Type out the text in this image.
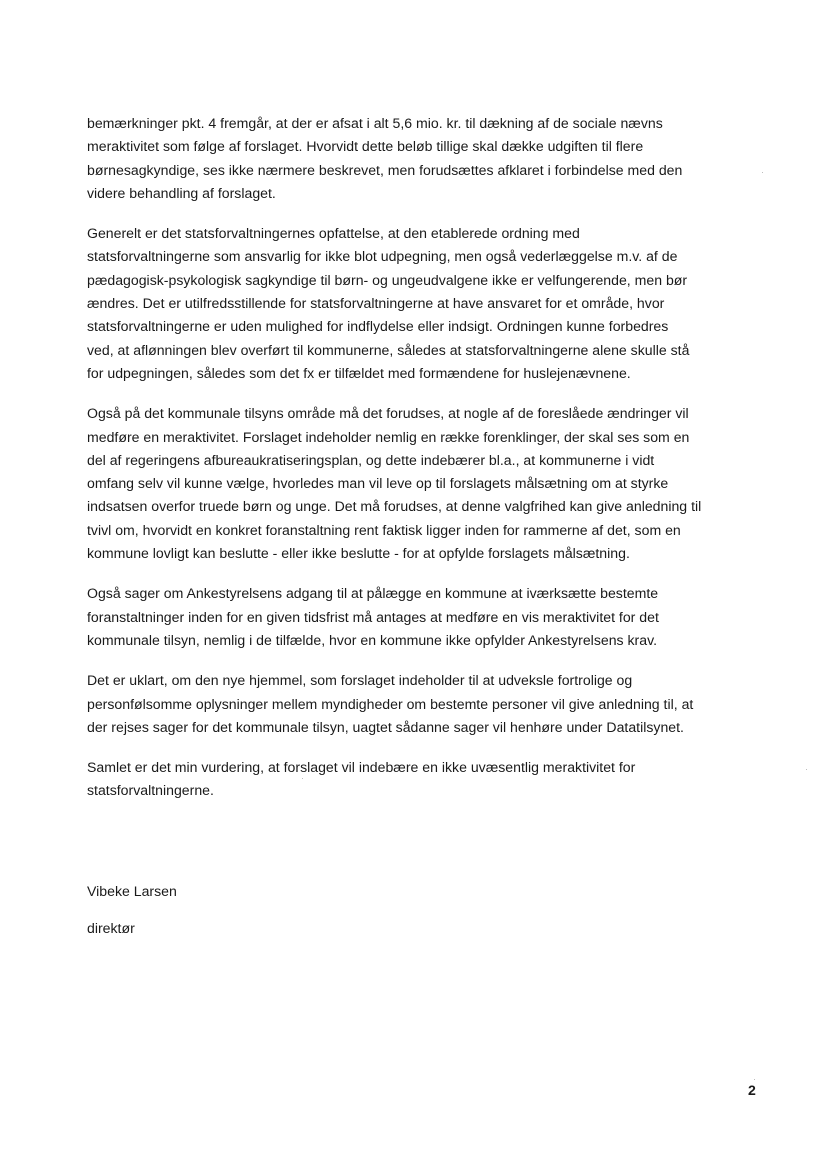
bemærkninger pkt. 4 fremgår, at der er afsat i alt 5,6 mio. kr. til dækning af de sociale nævns
meraktivitet som følge af forslaget. Hvorvidt dette beløb tillige skal dække udgiften til flere
børnesagkyndige, ses ikke nærmere beskrevet, men forudsættes afklaret i forbindelse med den
videre behandling af forslaget.

Generelt er det statsforvaltningernes opfattelse, at den etablerede ordning med
statsforvaltningerne som ansvarlig for ikke blot udpegning, men også vederlæggelse m.v. af de
pædagogisk-psykologisk sagkyndige til børn- og ungeudvalgene ikke er velfungerende, men bør
ændres. Det er utilfredsstillende for statsforvaltningerne at have ansvaret for et område, hvor
statsforvaltningerne er uden mulighed for indflydelse eller indsigt. Ordningen kunne forbedres
ved, at aflønningen blev overført til kommunerne, således at statsforvaltningerne alene skulle stå
for udpegningen, således som det fx er tilfældet med formændene for huslejenævnene.

Også på det kommunale tilsyns område må det forudses, at nogle af de foreslåede ændringer vil
medføre en meraktivitet. Forslaget indeholder nemlig en række forenklinger, der skal ses som en
del af regeringens afbureaukratiseringsplan, og dette indebærer bl.a., at kommunerne i vidt
omfang selv vil kunne vælge, hvorledes man vil leve op til forslagets målsætning om at styrke
indsatsen overfor truede børn og unge. Det må forudses, at denne valgfrihed kan give anledning til
tvivl om, hvorvidt en konkret foranstaltning rent faktisk ligger inden for rammerne af det, som en
kommune lovligt kan beslutte - eller ikke beslutte - for at opfylde forslagets målsætning.

Også sager om Ankestyrelsens adgang til at pålægge en kommune at iværksætte bestemte
foranstaltninger inden for en given tidsfrist må antages at medføre en vis meraktivitet for det
kommunale tilsyn, nemlig i de tilfælde, hvor en kommune ikke opfylder Ankestyrelsens krav.

Det er uklart, om den nye hjemmel, som forslaget indeholder til at udveksle fortrolige og
personfølsomme oplysninger mellem myndigheder om bestemte personer vil give anledning til, at
der rejses sager for det kommunale tilsyn, uagtet sådanne sager vil henhøre under Datatilsynet.

Samlet er det min vurdering, at forslaget vil indebære en ikke uvæsentlig meraktivitet for
statsforvaltningerne.

Vibeke Larsen
direktør
2
